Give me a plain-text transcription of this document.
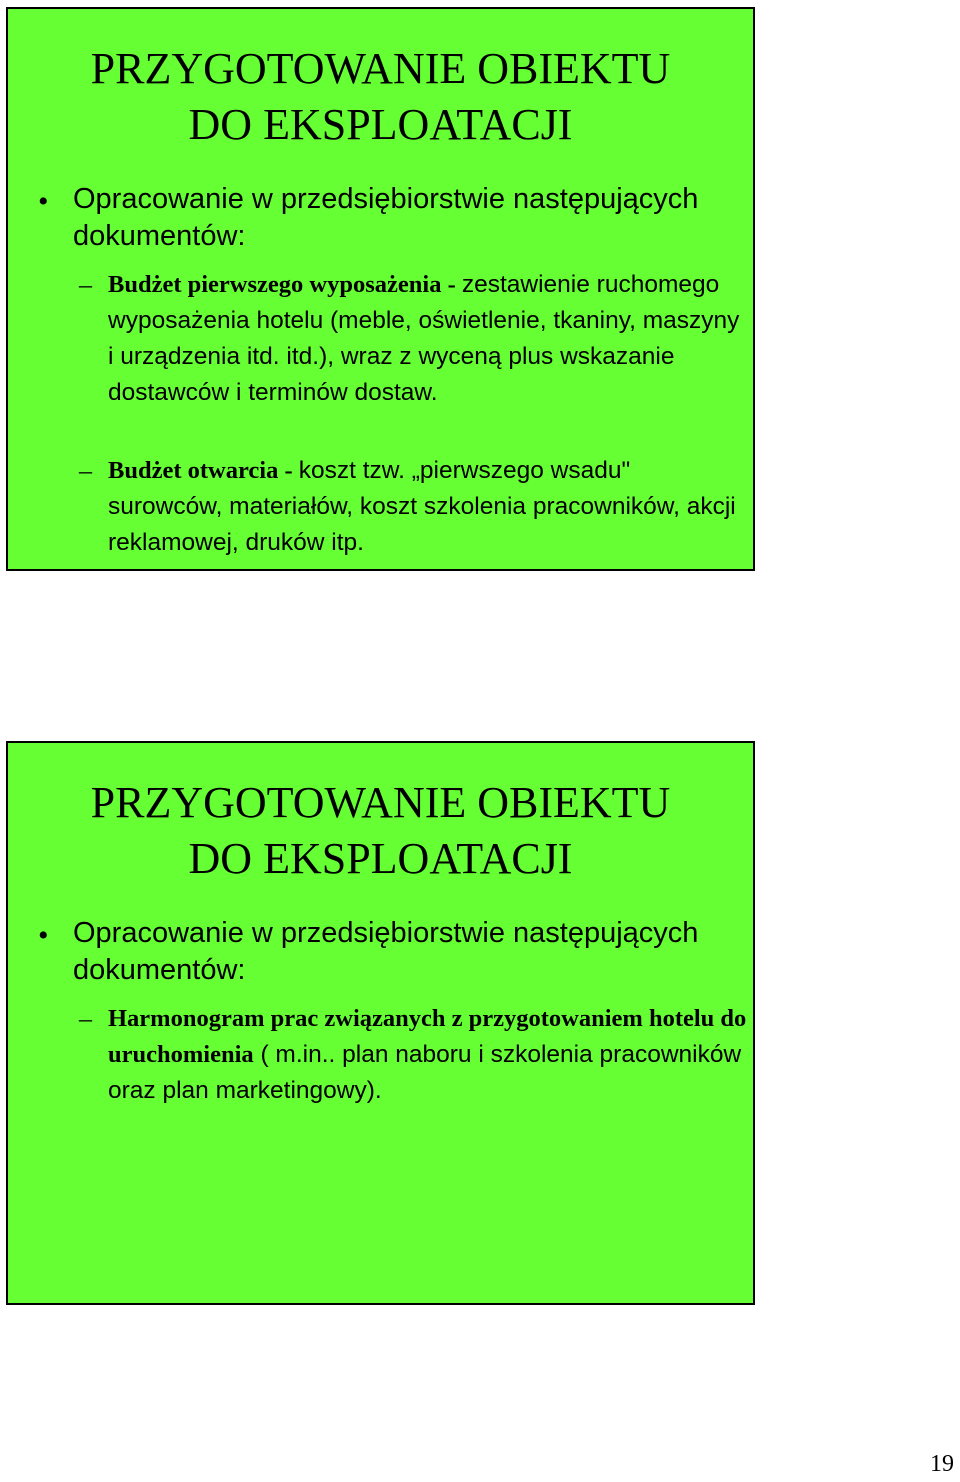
PRZYGOTOWANIE OBIEKTU
DO EKSPLOATACJI
• Opracowanie w przedsiębiorstwie następujących dokumentów:
– Budżet pierwszego wyposażenia - zestawienie ruchomego wyposażenia hotelu (meble, oświetlenie, tkaniny, maszyny i urządzenia itd. itd.), wraz z wyceną plus wskazanie dostawców i terminów dostaw.
– Budżet otwarcia - koszt tzw. „pierwszego wsadu" surowców, materiałów, koszt szkolenia pracowników, akcji reklamowej, druków itp.
PRZYGOTOWANIE OBIEKTU
DO EKSPLOATACJI
• Opracowanie w przedsiębiorstwie następujących dokumentów:
– Harmonogram prac związanych z przygotowaniem hotelu do uruchomienia ( m.in.. plan naboru i szkolenia pracowników oraz plan marketingowy).
19
